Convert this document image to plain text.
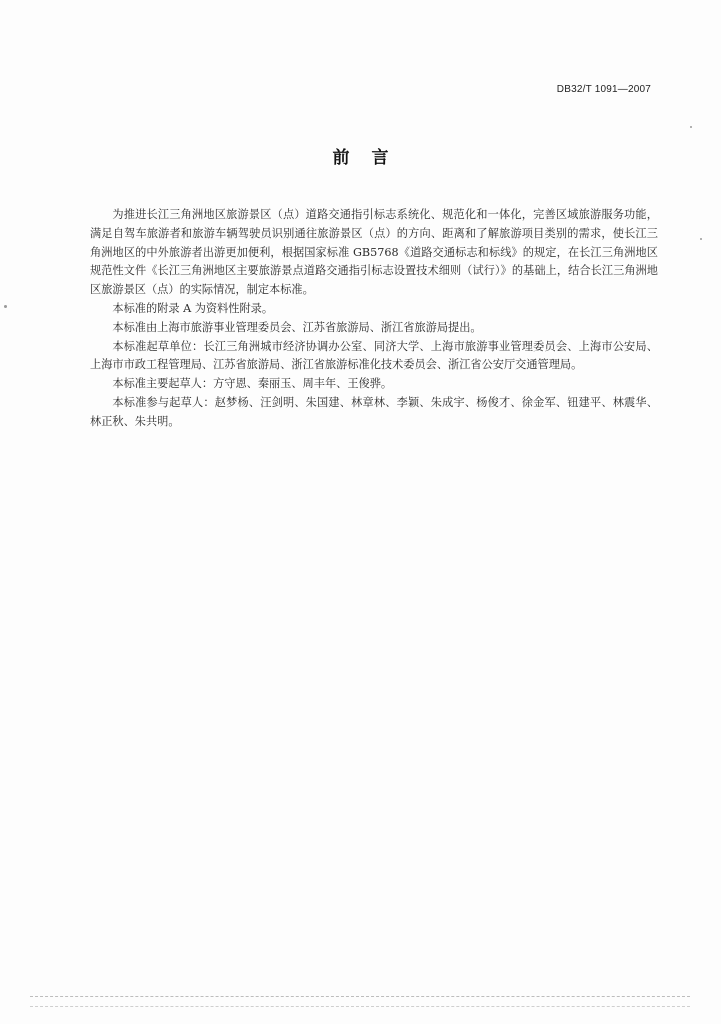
DB32/T 1091—2007
前言

为推进长江三角洲地区旅游景区（点）道路交通指引标志系统化、规范化和一体化，完善区域旅游服务功能，满足自驾车旅游者和旅游车辆驾驶员识别通往旅游景区（点）的方向、距离和了解旅游项目类别的需求，使长江三角洲地区的中外旅游者出游更加便利，根据国家标准 GB5768《道路交通标志和标线》的规定，在长江三角洲地区规范性文件《长江三角洲地区主要旅游景点道路交通指引标志设置技术细则（试行）》的基础上，结合长江三角洲地区旅游景区（点）的实际情况，制定本标准。

本标准的附录 A 为资料性附录。

本标准由上海市旅游事业管理委员会、江苏省旅游局、浙江省旅游局提出。

本标准起草单位：长江三角洲城市经济协调办公室、同济大学、上海市旅游事业管理委员会、上海市公安局、上海市市政工程管理局、江苏省旅游局、浙江省旅游标准化技术委员会、浙江省公安厅交通管理局。

本标准主要起草人：方守恩、秦丽玉、周丰年、王俊骅。

本标准参与起草人：赵梦杨、汪剑明、朱国建、林章林、李颖、朱成宇、杨俊才、徐金军、钮建平、林震华、林正秋、朱共明。
